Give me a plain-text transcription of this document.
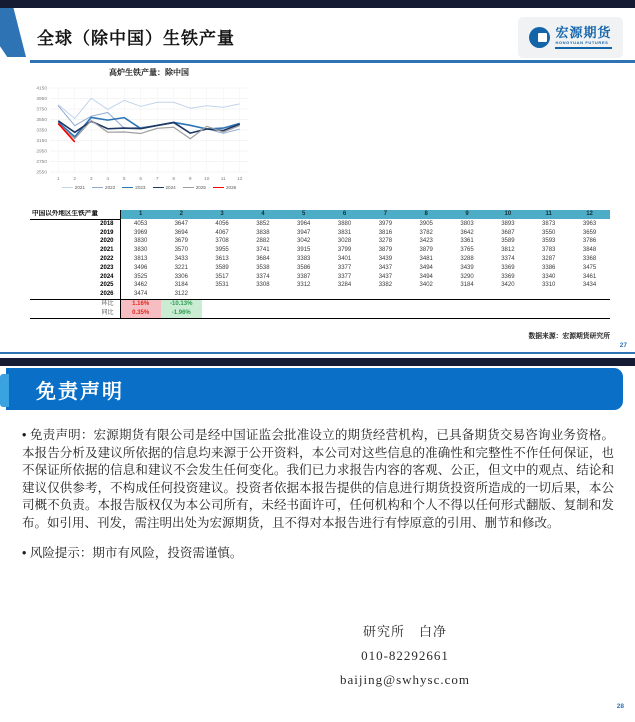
全球（除中国）生铁产量	宏源期货
HONGYUAN FUTURES
高炉生铁产量：除中国
2550
2750
2950
3150
3350
3550
3750
3950
4150
1	2	3	4	5	6	7	8	9	10 11 12
2021	2022	2023	2024	2025	2026
中国以外地区生铁产量	1	2	3	4	5	6	7	8	9	10	11	12
2018	4053	3647	4056	3852	3964	3880	3979	3905	3803	3893	3873	3963
2019	3969	3694	4067	3838	3947	3831	3816	3782	3642	3687	3550	3659
2020	3830	3679	3708	2882	3042	3028	3278	3423	3361	3589	3593	3786
2021	3830	3570	3955	3741	3915	3799	3879	3879	3765	3812	3783	3848
2022	3813	3433	3613	3684	3383	3401	3439	3481	3288	3374	3287	3368
2023	3496	3221	3589	3538	3586	3377	3437	3494	3439	3369	3386	3475
2024	3525	3306	3517	3374	3387	3377	3437	3494	3290	3369	3340	3461
2025	3462	3184	3531	3308	3312	3284	3382	3402	3184	3420	3310	3434
2026	3474	3122										
环比	1.16%	-10.13%										
同比	0.35%	-1.96%										
数据来源：宏源期货研究所
27
免责声明

• 免责声明：宏源期货有限公司是经中国证监会批准设立的期货经营机构，已具备期货交易咨询业务资格。本报告分析及建议所依据的信息均来源于公开资料，本公司对这些信息的准确性和完整性不作任何保证，也不保证所依据的信息和建议不会发生任何变化。我们已力求报告内容的客观、公正，但文中的观点、结论和建议仅供参考，不构成任何投资建议。投资者依据本报告提供的信息进行期货投资所造成的一切后果，本公司概不负责。本报告版权仅为本公司所有，未经书面许可，任何机构和个人不得以任何形式翻版、复制和发布。如引用、刊发，需注明出处为宏源期货，且不得对本报告进行有悖原意的引用、删节和修改。

• 风险提示：期市有风险，投资需谨慎。

研究所　白净
010-82292661
baijing@swhysc.com
28
